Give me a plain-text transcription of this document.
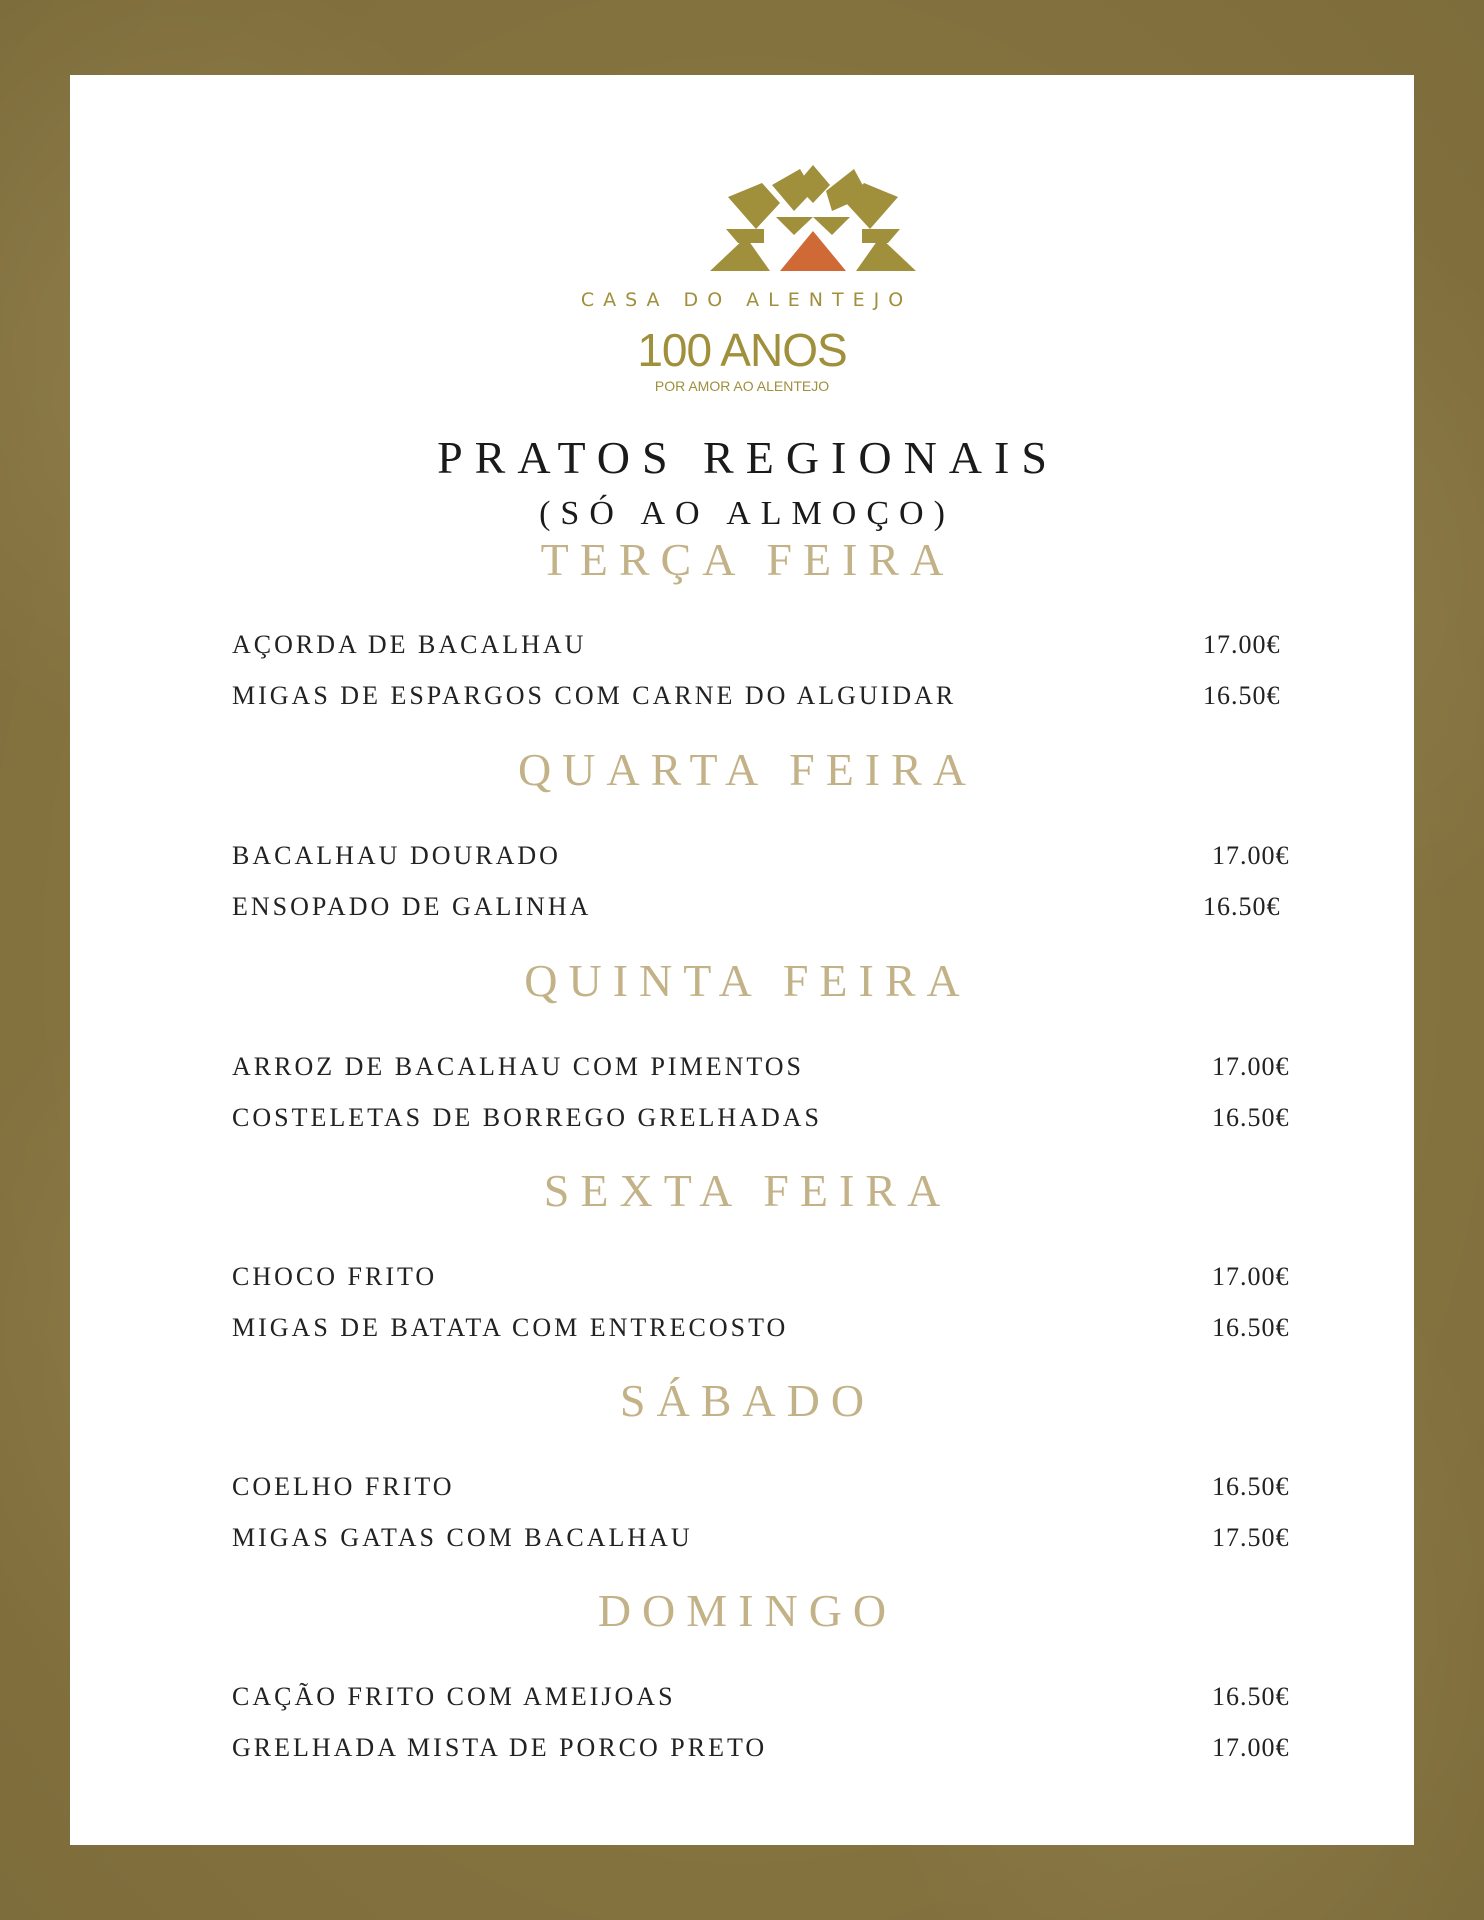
CASA DO ALENTEJO
100 ANOS
POR AMOR AO ALENTEJO
PRATOS REGIONAIS
(SÓ AO ALMOÇO)
TERÇA FEIRA
AÇORDA DE BACALHAU	17.00€
MIGAS DE ESPARGOS COM CARNE DO ALGUIDAR	16.50€
QUARTA FEIRA
BACALHAU DOURADO	17.00€
ENSOPADO DE GALINHA	16.50€
QUINTA FEIRA
ARROZ DE BACALHAU COM PIMENTOS	17.00€
COSTELETAS DE BORREGO GRELHADAS	16.50€
SEXTA FEIRA
CHOCO FRITO	17.00€
MIGAS DE BATATA COM ENTRECOSTO	16.50€
SÁBADO
COELHO FRITO	16.50€
MIGAS GATAS COM BACALHAU	17.50€
DOMINGO
CAÇÃO FRITO COM AMEIJOAS	16.50€
GRELHADA MISTA DE PORCO PRETO	17.00€
